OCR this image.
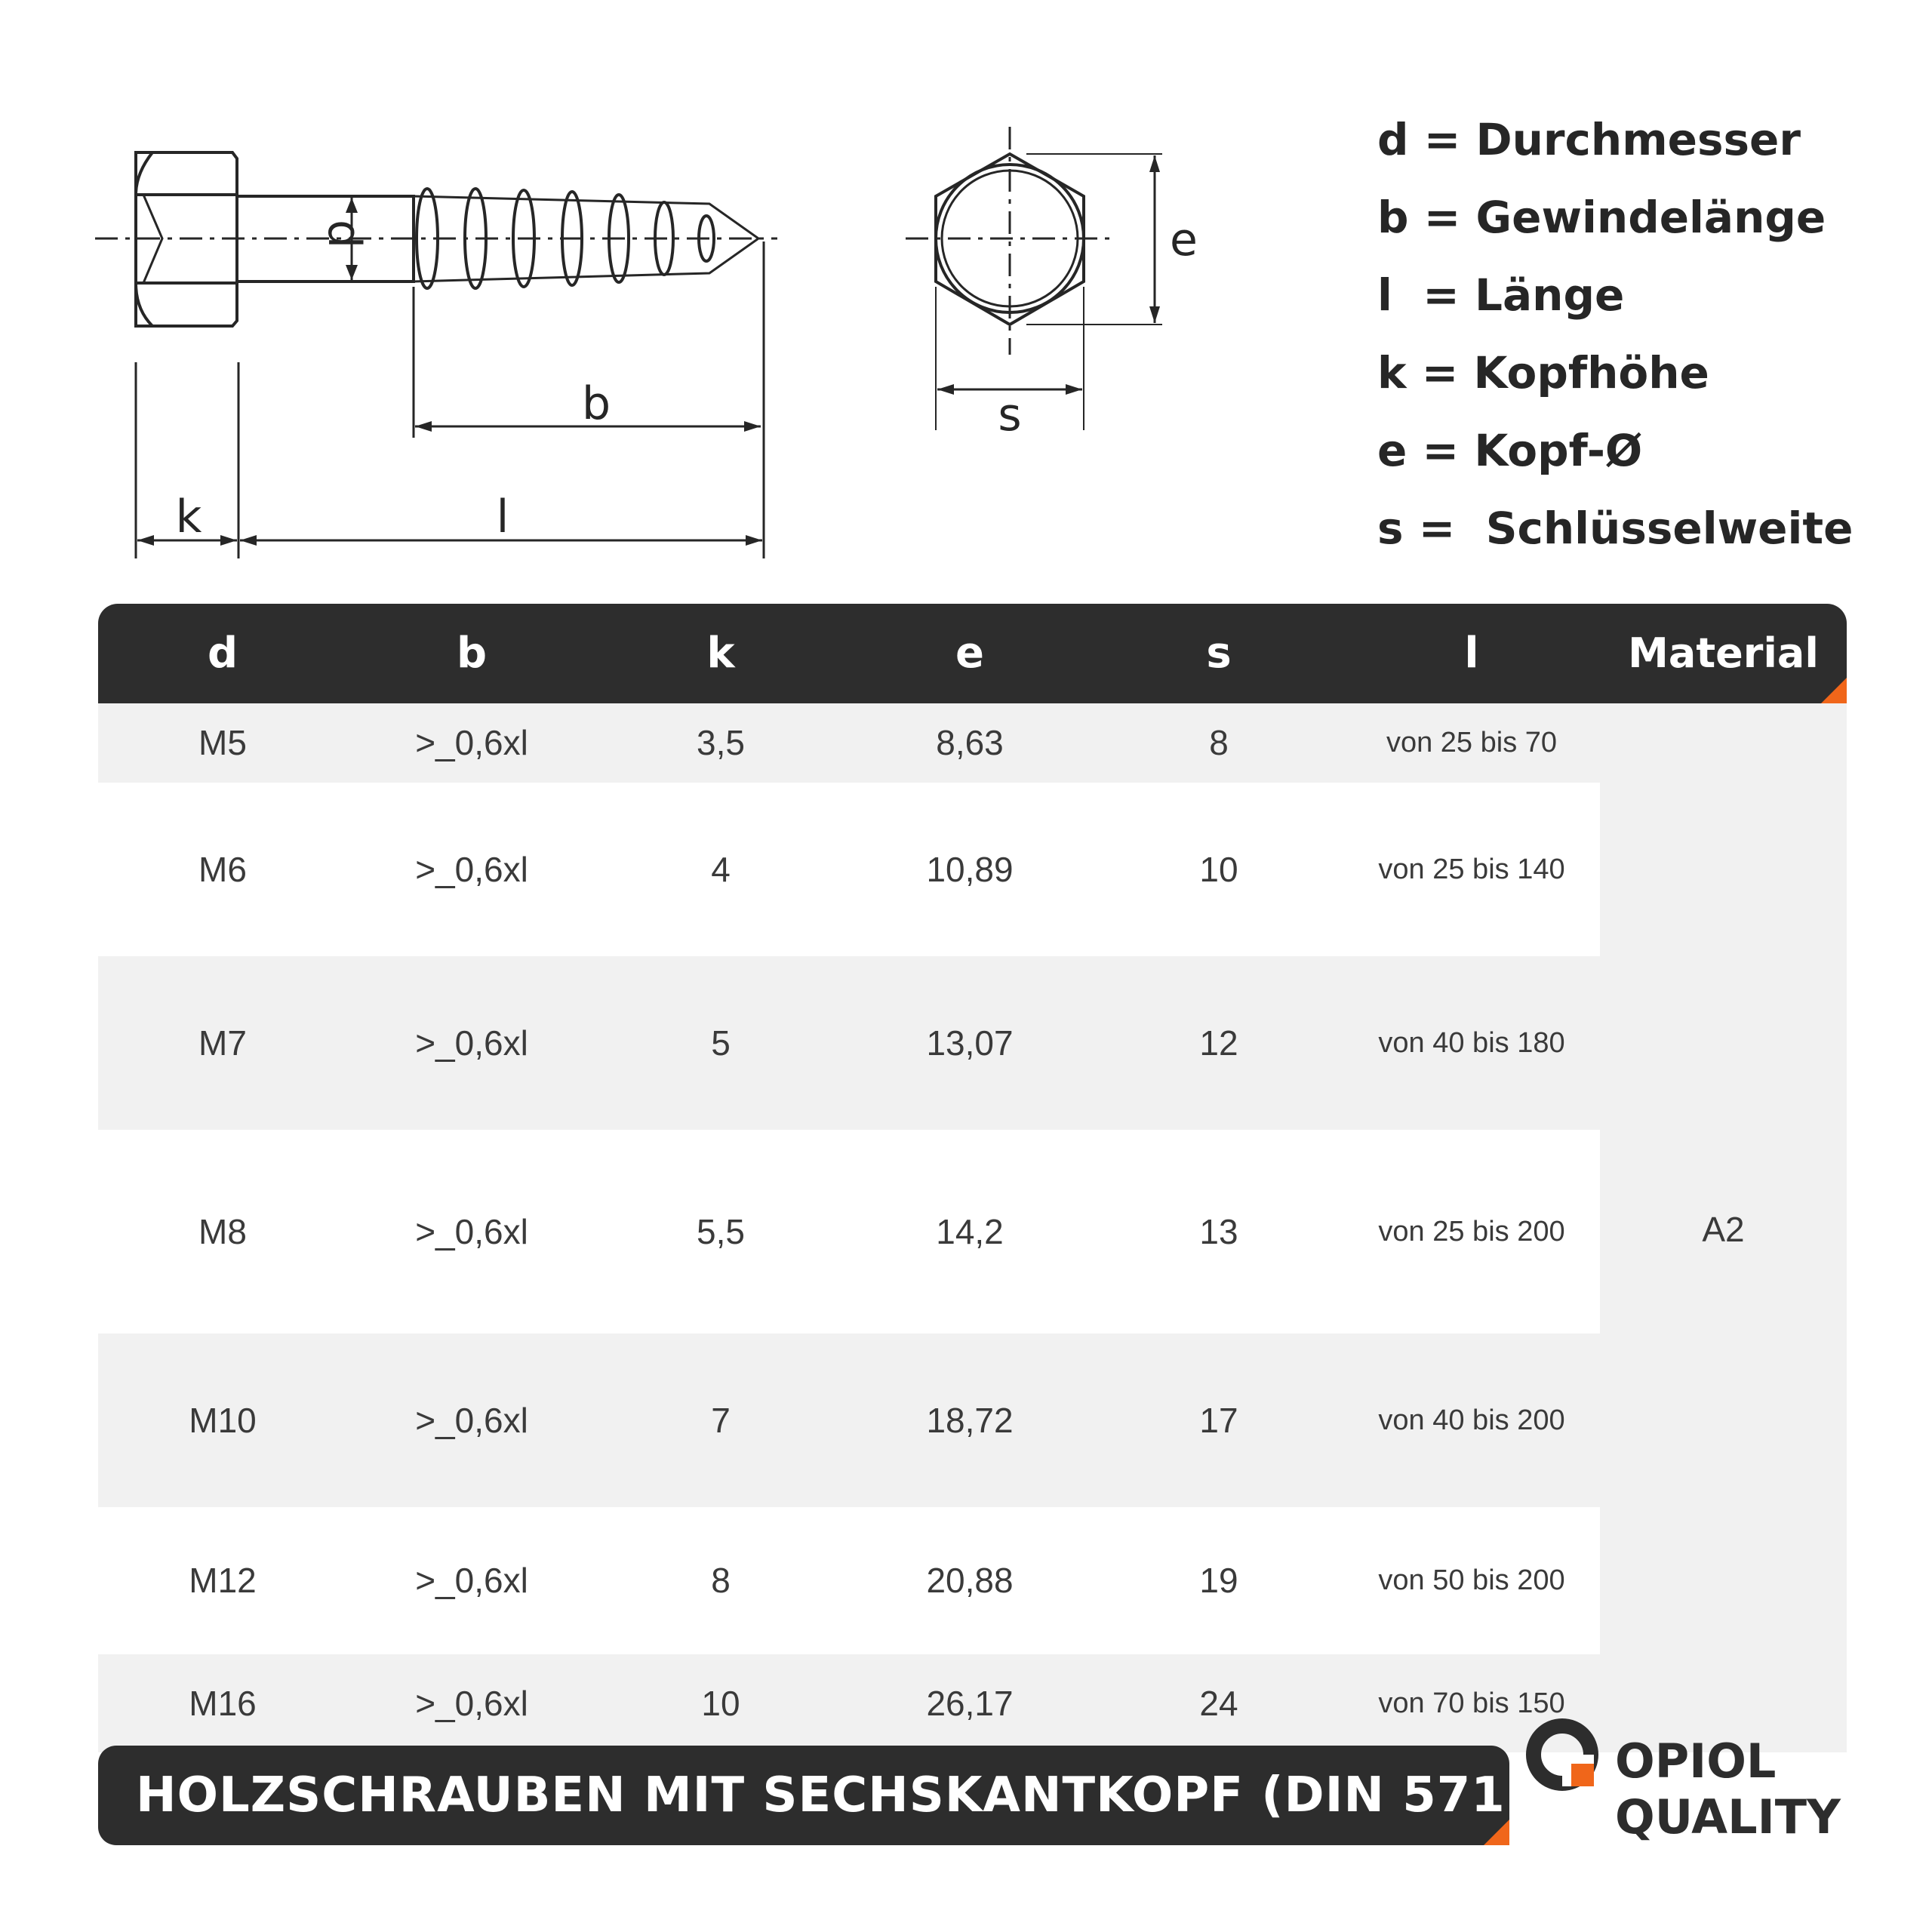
d
b
k	l
e
s
d = Durchmesser
b = Gewindelänge
l  = Länge
k = Kopfhöhe
e = Kopf-Ø
s =  Schlüsselweite
d	b	k	e	s	l	Material
M16	>_0,6xl	10	26,17	24	von 70 bis 150
M12	>_0,6xl	8	20,88	19	von 50 bis 200
M10	>_0,6xl	7	18,72	17	von 40 bis 200
M8	>_0,6xl	5,5	14,2	13	von 25 bis 200
M7	>_0,6xl	5	13,07	12	von 40 bis 180
M6	>_0,6xl	4	10,89	10	von 25 bis 140
M5	>_0,6xl	3,5	8,63	8	von 25 bis 70
A2
HOLZSCHRAUBEN MIT SECHSKANTKOPF (DIN 571)
OPIOL
QUALITY
